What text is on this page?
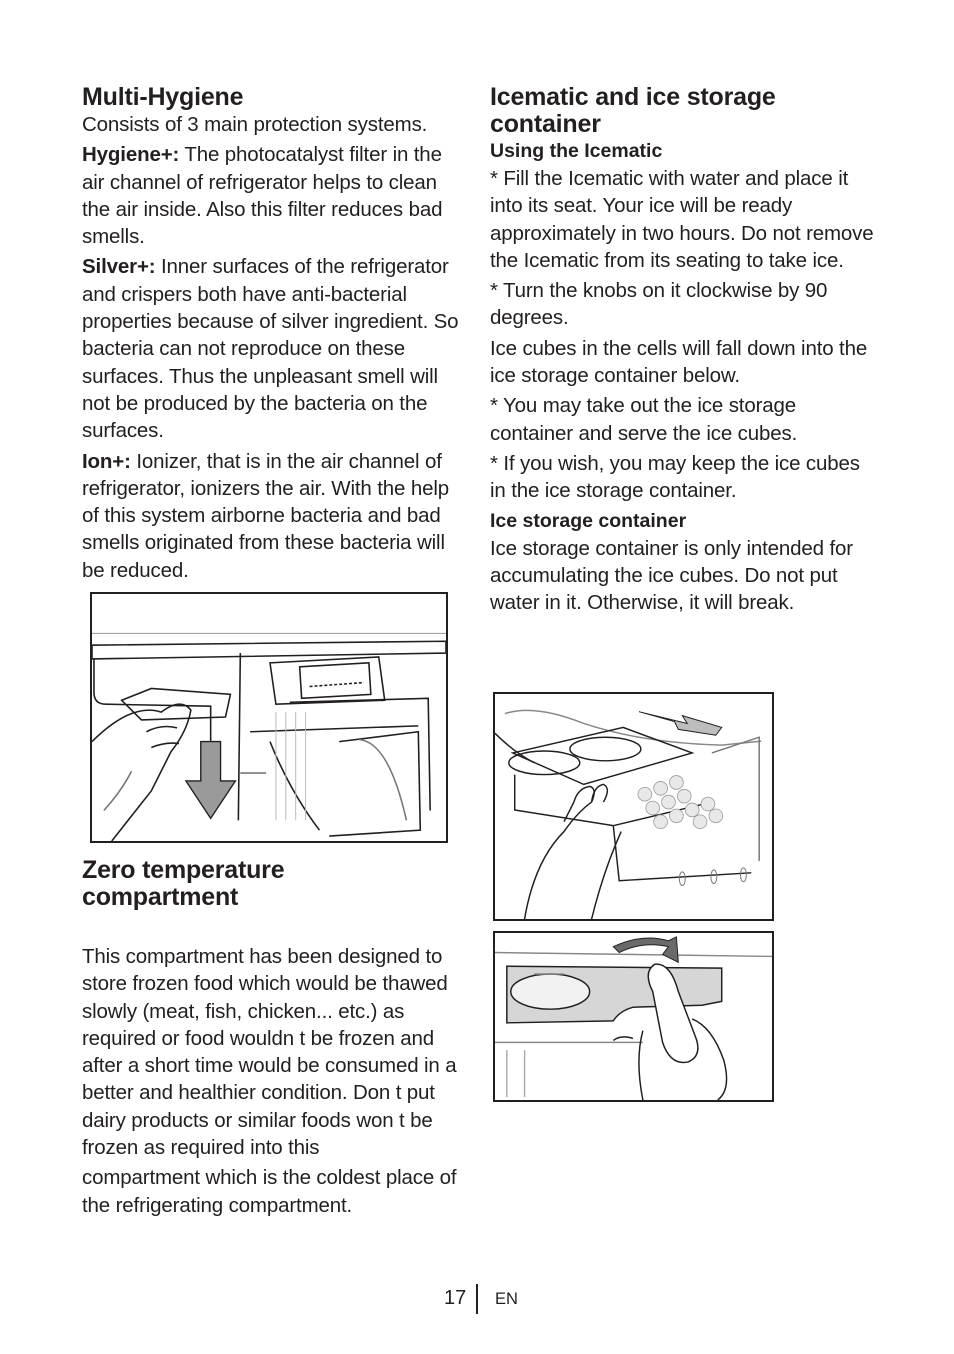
Multi-Hygiene

Consists of 3 main protection systems.

Hygiene+: The photocatalyst filter in the air channel of refrigerator helps to clean the air inside. Also this filter reduces bad smells.

Silver+: Inner surfaces of the refrigerator and crispers both have anti-bacterial properties because of silver ingredient. So bacteria can not reproduce on these surfaces. Thus the unpleasant smell will not be produced by the bacteria on the surfaces.

Ion+: Ionizer, that is in the air channel of refrigerator, ionizers the air. With the help of this system airborne bacteria and bad smells originated from these bacteria will be reduced.

Zero temperature
compartment

This compartment has been designed to store frozen food which would be thawed slowly (meat, fish, chicken... etc.) as required or food wouldn t be frozen and after a short time would be consumed in a better and healthier condition. Don t put dairy products or similar foods won t be frozen as required into this

compartment which is the coldest place of the refrigerating compartment.

Icematic and ice storage container
Using the Icematic

* Fill the Icematic with water and place it into its seat. Your ice will be ready approximately in two hours. Do not remove the Icematic from its seating to take ice.

* Turn the knobs on it clockwise by 90 degrees.

Ice cubes in the cells will fall down into the ice storage container below.

* You may take out the ice storage container and serve the ice cubes.

* If you wish, you may keep the ice cubes in the ice storage container.

Ice storage container

Ice storage container is only intended for accumulating the ice cubes. Do not put water in it. Otherwise, it will break.

17 EN
